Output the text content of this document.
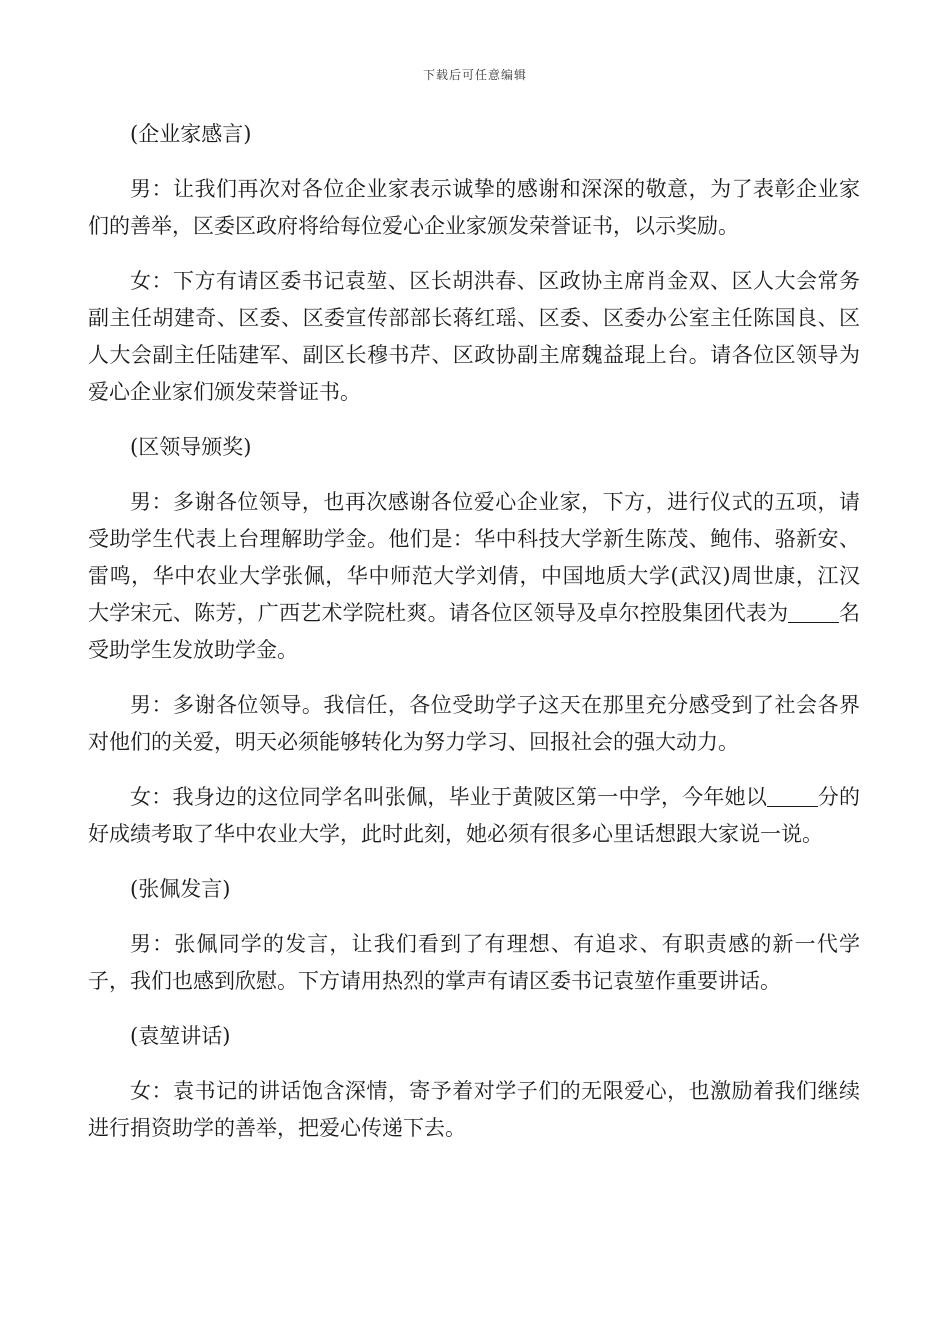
下载后可任意编辑

(企业家感言)

男：让我们再次对各位企业家表示诚挚的感谢和深深的敬意，为了表彰企业家们的善举，区委区政府将给每位爱心企业家颁发荣誉证书，以示奖励。

女：下方有请区委书记袁堃、区长胡洪春、区政协主席肖金双、区人大会常务副主任胡建奇、区委、区委宣传部部长蒋红瑶、区委、区委办公室主任陈国良、区人大会副主任陆建军、副区长穆书芹、区政协副主席魏益琨上台。请各位区领导为爱心企业家们颁发荣誉证书。

(区领导颁奖)

男：多谢各位领导，也再次感谢各位爱心企业家，下方，进行仪式的五项，请受助学生代表上台理解助学金。他们是：华中科技大学新生陈茂、鲍伟、骆新安、雷鸣，华中农业大学张佩，华中师范大学刘倩，中国地质大学(武汉)周世康，江汉大学宋元、陈芳，广西艺术学院杜爽。请各位区领导及卓尔控股集团代表为 名受助学生发放助学金。

男：多谢各位领导。我信任，各位受助学子这天在那里充分感受到了社会各界对他们的关爱，明天必须能够转化为努力学习、回报社会的强大动力。

女：我身边的这位同学名叫张佩，毕业于黄陂区第一中学，今年她以 分的好成绩考取了华中农业大学，此时此刻，她必须有很多心里话想跟大家说一说。

(张佩发言)

男：张佩同学的发言，让我们看到了有理想、有追求、有职责感的新一代学子，我们也感到欣慰。下方请用热烈的掌声有请区委书记袁堃作重要讲话。

(袁堃讲话)

女：袁书记的讲话饱含深情，寄予着对学子们的无限爱心，也激励着我们继续进行捐资助学的善举，把爱心传递下去。
